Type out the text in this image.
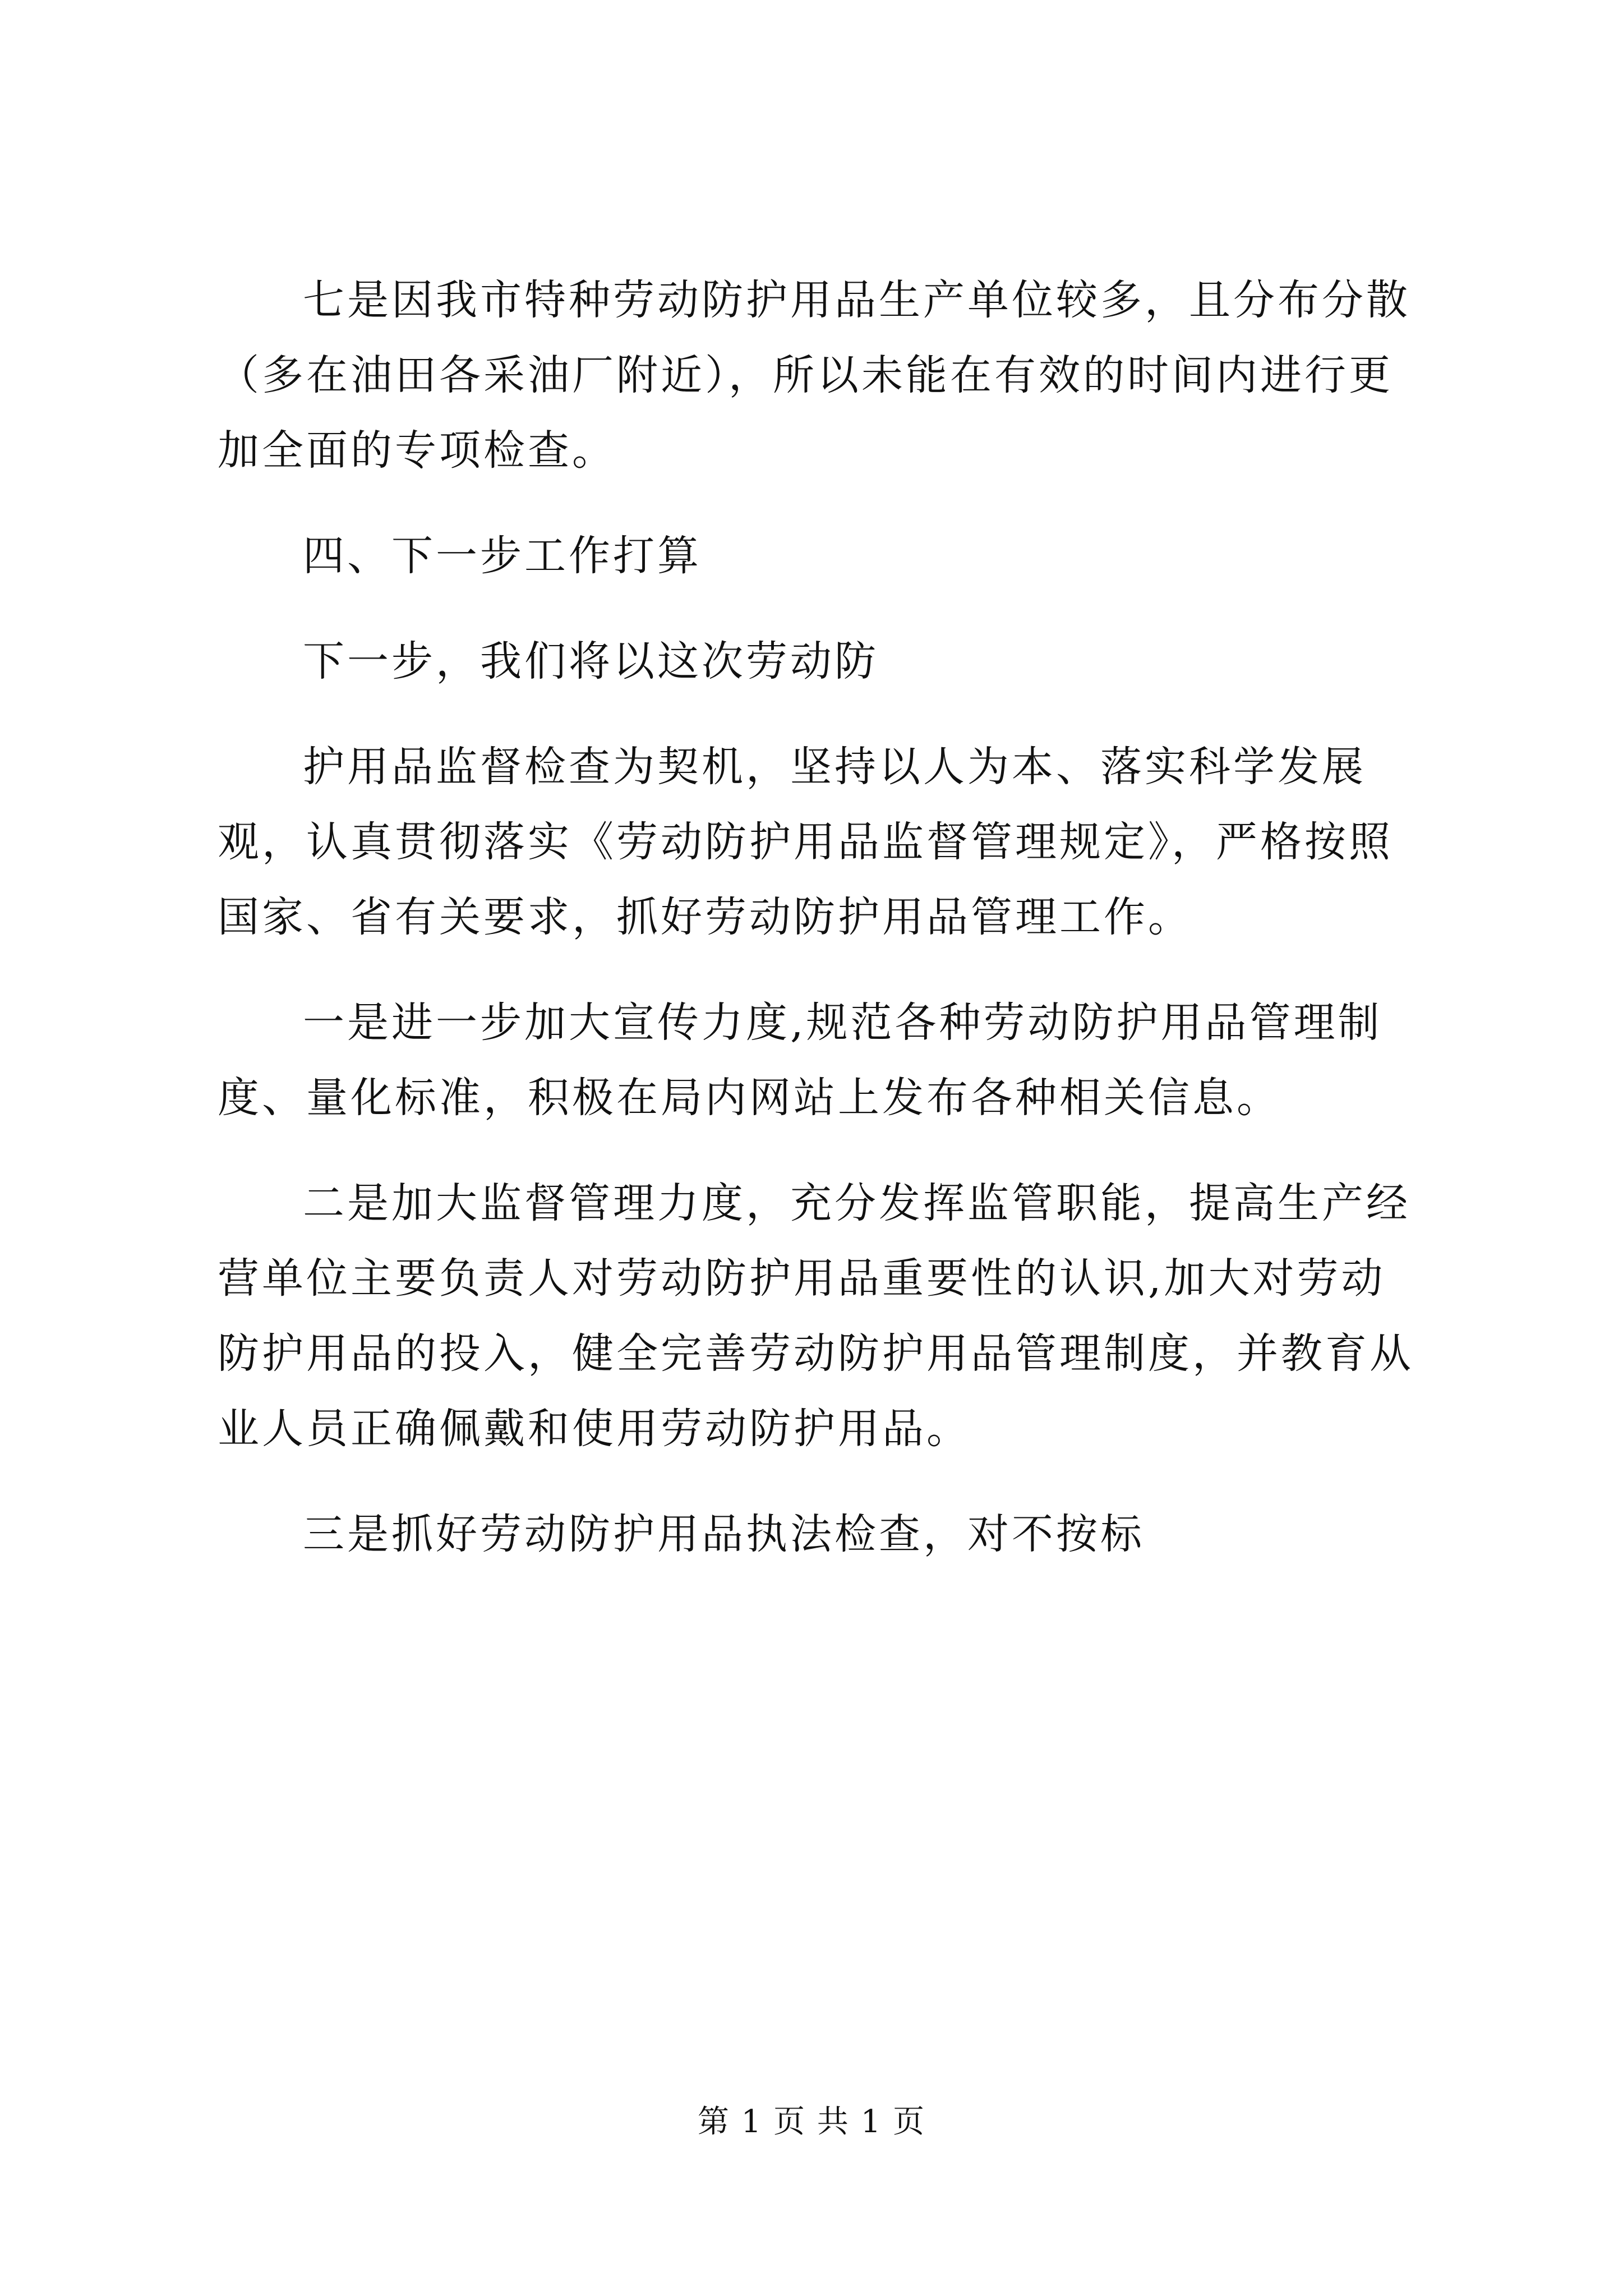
七是因我市特种劳动防护用品生产单位较多，且分布分散（多在油田各采油厂附近），所以未能在有效的时间内进行更加全面的专项检查。

四、下一步工作打算

下一步，我们将以这次劳动防

护用品监督检查为契机，坚持以人为本、落实科学发展观，认真贯彻落实《劳动防护用品监督管理规定》，严格按照国家、省有关要求，抓好劳动防护用品管理工作。

一是进一步加大宣传力度,规范各种劳动防护用品管理制度、量化标准，积极在局内网站上发布各种相关信息。

二是加大监督管理力度，充分发挥监管职能，提高生产经营单位主要负责人对劳动防护用品重要性的认识,加大对劳动防护用品的投入，健全完善劳动防护用品管理制度，并教育从业人员正确佩戴和使用劳动防护用品。

三是抓好劳动防护用品执法检查，对不按标

第 1 页 共 1 页
